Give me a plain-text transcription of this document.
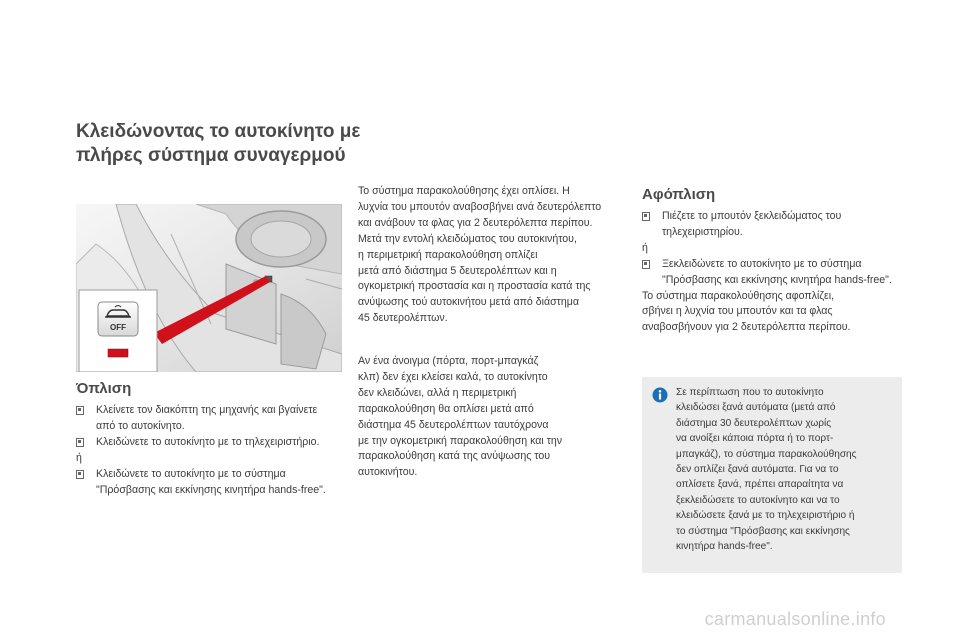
Κλειδώνοντας το αυτοκίνητο με
πλήρες σύστημα συναγερμού
OFF
Όπλιση
Κλείνετε τον διακόπτη της μηχανής και βγαίνετε από το αυτοκίνητο.
Κλειδώνετε το αυτοκίνητο με το τηλεχειριστήριο.
ή
Κλειδώνετε το αυτοκίνητο με το σύστημα "Πρόσβασης και εκκίνησης κινητήρα hands-free".
Το σύστημα παρακολούθησης έχει οπλίσει. Η
λυχνία του μπουτόν αναβοσβήνει ανά δευτερόλεπτο
και ανάβουν τα φλας για 2 δευτερόλεπτα περίπου.
Μετά την εντολή κλειδώματος του αυτοκινήτου,
η περιμετρική παρακολούθηση οπλίζει
μετά από διάστημα 5 δευτερολέπτων και η
ογκομετρική προστασία και η προστασία κατά της
ανύψωσης τού αυτοκινήτου μετά από διάστημα
45 δευτερολέπτων.
Αν ένα άνοιγμα (πόρτα, πορτ-μπαγκάζ
κλπ) δεν έχει κλείσει καλά, το αυτοκίνητο
δεν κλειδώνει, αλλά η περιμετρική
παρακολούθηση θα οπλίσει μετά από
διάστημα 45 δευτερολέπτων ταυτόχρονα
με την ογκομετρική παρακολούθηση και την
παρακολούθηση κατά της ανύψωσης του
αυτοκινήτου.
Αφόπλιση
Πιέζετε το μπουτόν ξεκλειδώματος του τηλεχειριστηρίου.
ή
Ξεκλειδώνετε το αυτοκίνητο με το σύστημα "Πρόσβασης και εκκίνησης κινητήρα hands-free".
Το σύστημα παρακολούθησης αφοπλίζει,
σβήνει η λυχνία του μπουτόν και τα φλας
αναβοσβήνουν για 2 δευτερόλεπτα περίπου.
Σε περίπτωση που το αυτοκίνητο
κλειδώσει ξανά αυτόματα (μετά από
διάστημα 30 δευτερολέπτων χωρίς
να ανοίξει κάποια πόρτα ή το πορτ-
μπαγκάζ), το σύστημα παρακολούθησης
δεν οπλίζει ξανά αυτόματα. Για να το
οπλίσετε ξανά, πρέπει απαραίτητα να
ξεκλειδώσετε το αυτοκίνητο και να το
κλειδώσετε ξανά με το τηλεχειριστήριο ή
το σύστημα "Πρόσβασης και εκκίνησης
κινητήρα hands-free".
carmanualsonline.info
